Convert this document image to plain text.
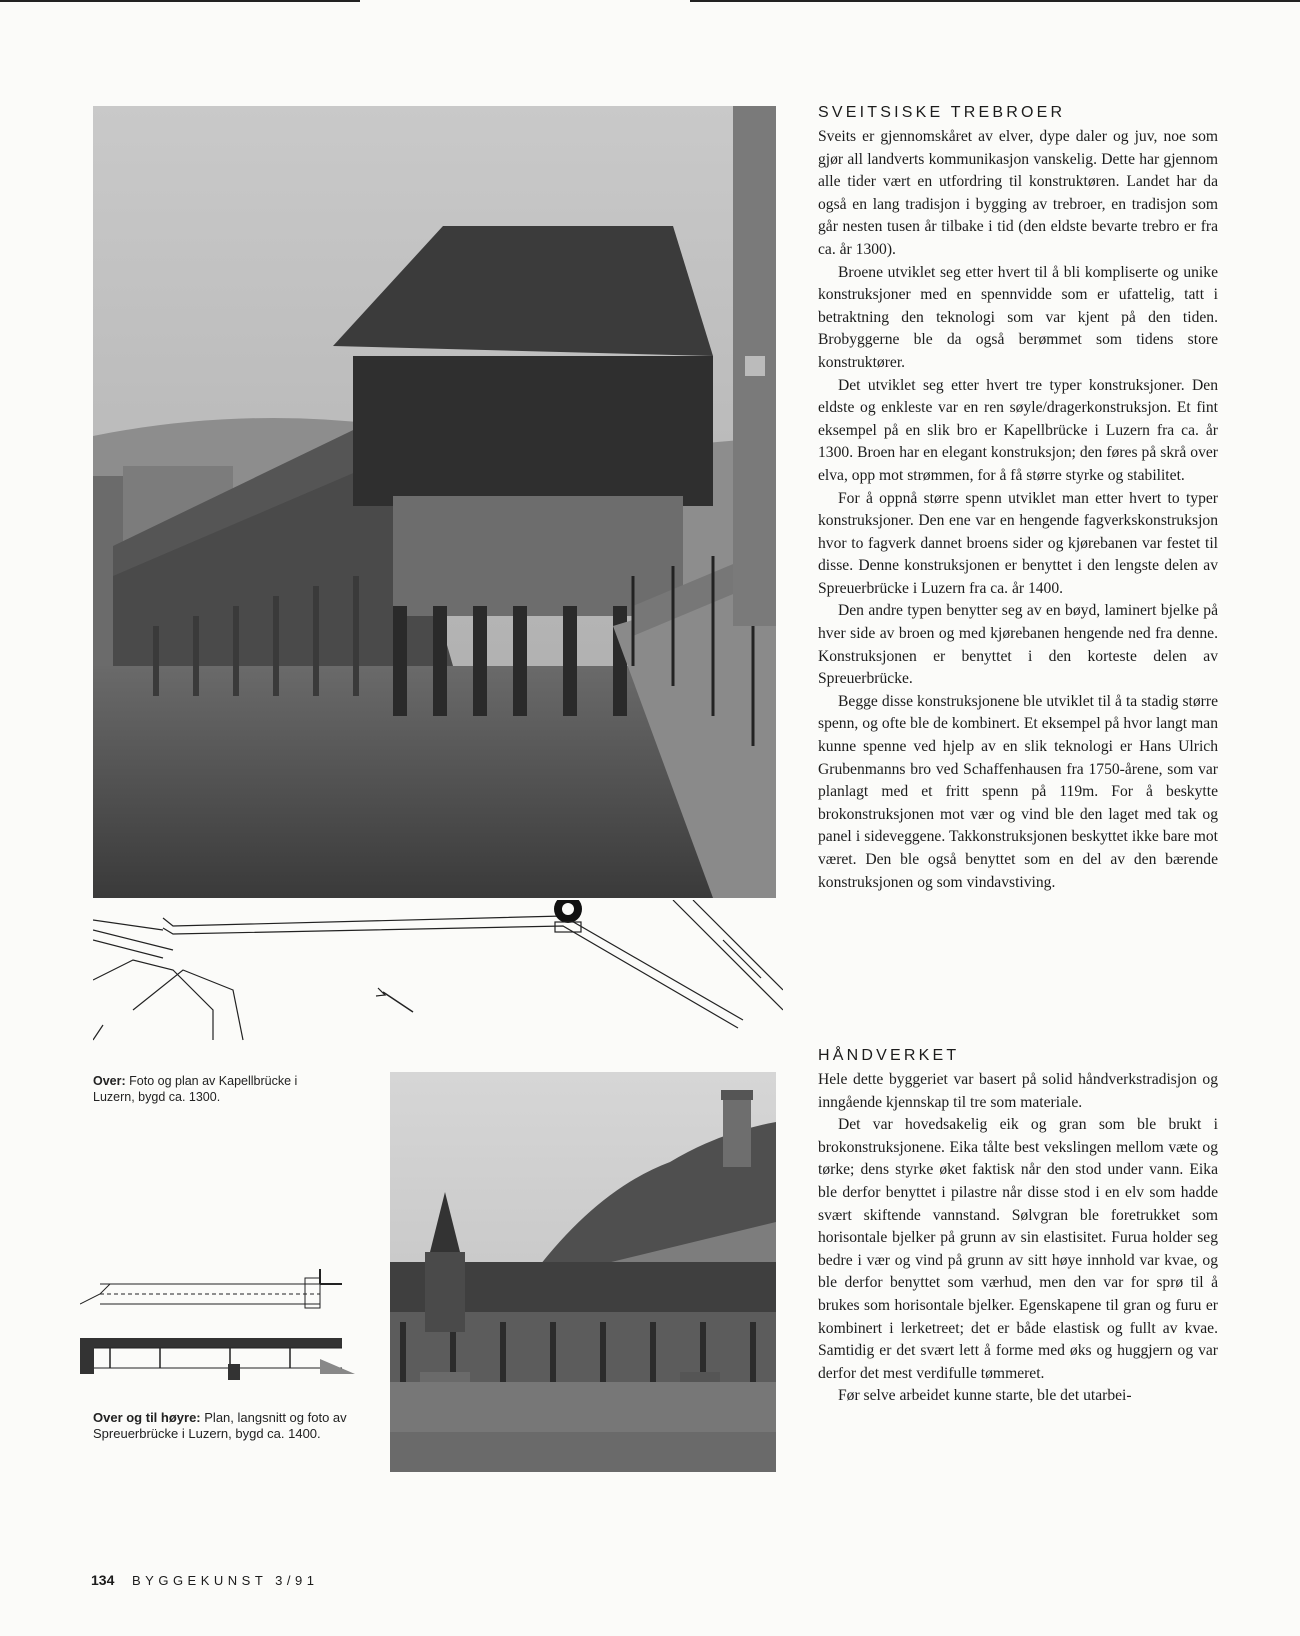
Over: Foto og plan av Kapellbrücke i Luzern, bygd ca. 1300.
Over og til høyre: Plan, langsnitt og foto av Spreuerbrücke i Luzern, bygd ca. 1400.
SVEITSISKE TREBROER

Sveits er gjennomskåret av elver, dype daler og juv, noe som gjør all landverts kommunikasjon vanskelig. Dette har gjennom alle tider vært en utfordring til konstruktøren. Landet har da også en lang tradisjon i bygging av trebroer, en tradisjon som går nesten tusen år tilbake i tid (den eldste bevarte trebro er fra ca. år 1300).

Broene utviklet seg etter hvert til å bli kompliserte og unike konstruksjoner med en spennvidde som er ufattelig, tatt i betraktning den teknologi som var kjent på den tiden. Brobyggerne ble da også berømmet som tidens store konstruktører.

Det utviklet seg etter hvert tre typer konstruksjoner. Den eldste og enkleste var en ren søyle/dragerkonstruksjon. Et fint eksempel på en slik bro er Kapellbrücke i Luzern fra ca. år 1300. Broen har en elegant konstruksjon; den føres på skrå over elva, opp mot strømmen, for å få større styrke og stabilitet.

For å oppnå større spenn utviklet man etter hvert to typer konstruksjoner. Den ene var en hengende fagverkskonstruksjon hvor to fagverk dannet broens sider og kjørebanen var festet til disse. Denne konstruksjonen er benyttet i den lengste delen av Spreuerbrücke i Luzern fra ca. år 1400.

Den andre typen benytter seg av en bøyd, laminert bjelke på hver side av broen og med kjørebanen hengende ned fra denne. Konstruksjonen er benyttet i den korteste delen av Spreuerbrücke.

Begge disse konstruksjonene ble utviklet til å ta stadig større spenn, og ofte ble de kombinert. Et eksempel på hvor langt man kunne spenne ved hjelp av en slik teknologi er Hans Ulrich Grubenmanns bro ved Schaffenhausen fra 1750-årene, som var planlagt med et fritt spenn på 119m. For å beskytte brokonstruksjonen mot vær og vind ble den laget med tak og panel i sideveggene. Takkonstruksjonen beskyttet ikke bare mot været. Den ble også benyttet som en del av den bærende konstruksjonen og som vindavstiving.

HÅNDVERKET

Hele dette byggeriet var basert på solid håndverkstradisjon og inngående kjennskap til tre som materiale.

Det var hovedsakelig eik og gran som ble brukt i brokonstruksjonene. Eika tålte best vekslingen mellom væte og tørke; dens styrke øket faktisk når den stod under vann. Eika ble derfor benyttet i pilastre når disse stod i en elv som hadde svært skiftende vannstand. Sølvgran ble foretrukket som horisontale bjelker på grunn av sin elastisitet. Furua holder seg bedre i vær og vind på grunn av sitt høye innhold var kvae, og ble derfor benyttet som værhud, men den var for sprø til å brukes som horisontale bjelker. Egenskapene til gran og furu er kombinert i lerketreet; det er både elastisk og fullt av kvae. Samtidig er det svært lett å forme med øks og huggjern og var derfor det mest verdifulle tømmeret.

Før selve arbeidet kunne starte, ble det utarbei-

134 BYGGEKUNST 3/91
